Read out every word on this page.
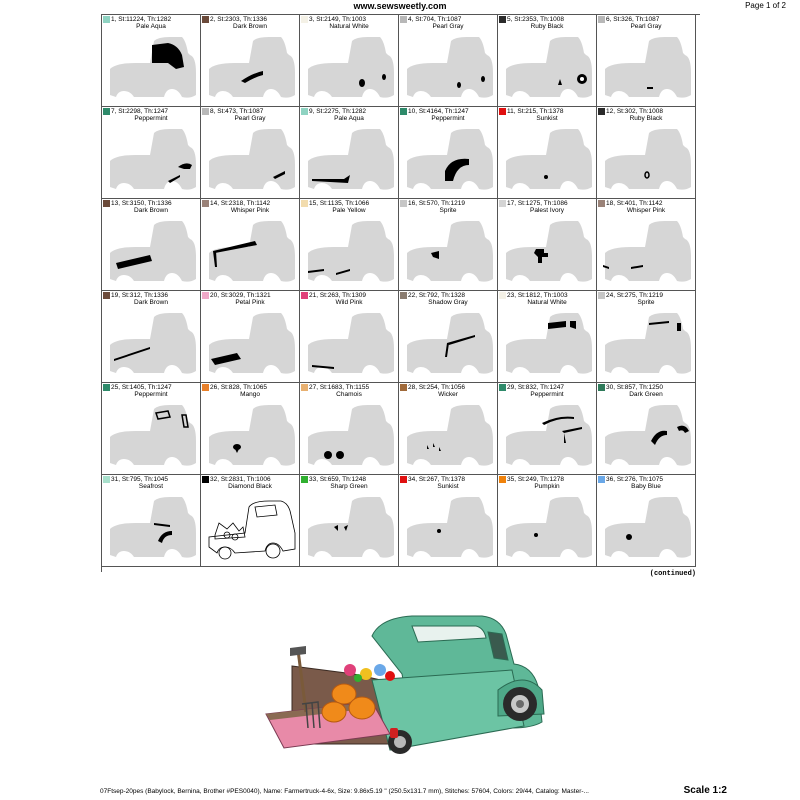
www.sewsweetly.com	Page 1 of 2
1, St:11224, Th:1282
Pale Aqua
2, St:2303, Th:1336
Dark Brown
3, St:2149, Th:1003
Natural White
4, St:704, Th:1087
Pearl Gray
5, St:2353, Th:1008
Ruby Black
6, St:326, Th:1087
Pearl Gray
7, St:2298, Th:1247
Peppermint
8, St:473, Th:1087
Pearl Gray
9, St:2275, Th:1282
Pale Aqua
10, St:4164, Th:1247
Peppermint
11, St:215, Th:1378
Sunkist
12, St:302, Th:1008
Ruby Black
13, St:3150, Th:1336
Dark Brown
14, St:2318, Th:1142
Whisper Pink
15, St:1135, Th:1066
Pale Yellow
16, St:570, Th:1219
Sprite
17, St:1275, Th:1086
Palest Ivory
18, St:401, Th:1142
Whisper Pink
19, St:312, Th:1336
Dark Brown
20, St:3029, Th:1321
Petal Pink
21, St:263, Th:1309
Wild Pink
22, St:792, Th:1328
Shadow Gray
23, St:1812, Th:1003
Natural White
24, St:275, Th:1219
Sprite
25, St:1405, Th:1247
Peppermint
26, St:828, Th:1065
Mango
27, St:1683, Th:1155
Chamois
28, St:254, Th:1056
Wicker
29, St:832, Th:1247
Peppermint
30, St:857, Th:1250
Dark Green
31, St:795, Th:1045
Seafrost
32, St:2831, Th:1006
Diamond Black
33, St:659, Th:1248
Sharp Green
34, St:267, Th:1378
Sunkist
35, St:249, Th:1278
Pumpkin
36, St:276, Th:1075
Baby Blue
(continued)
07Ftsep-20pes (Babylock, Bernina, Brother #PES0040), Name: Farmertruck-4-6x, Size: 9.86x5.19 " (250.5x131.7 mm), Stitches: 57604, Colors: 29/44, Catalog: Master-...	Scale 1:2
